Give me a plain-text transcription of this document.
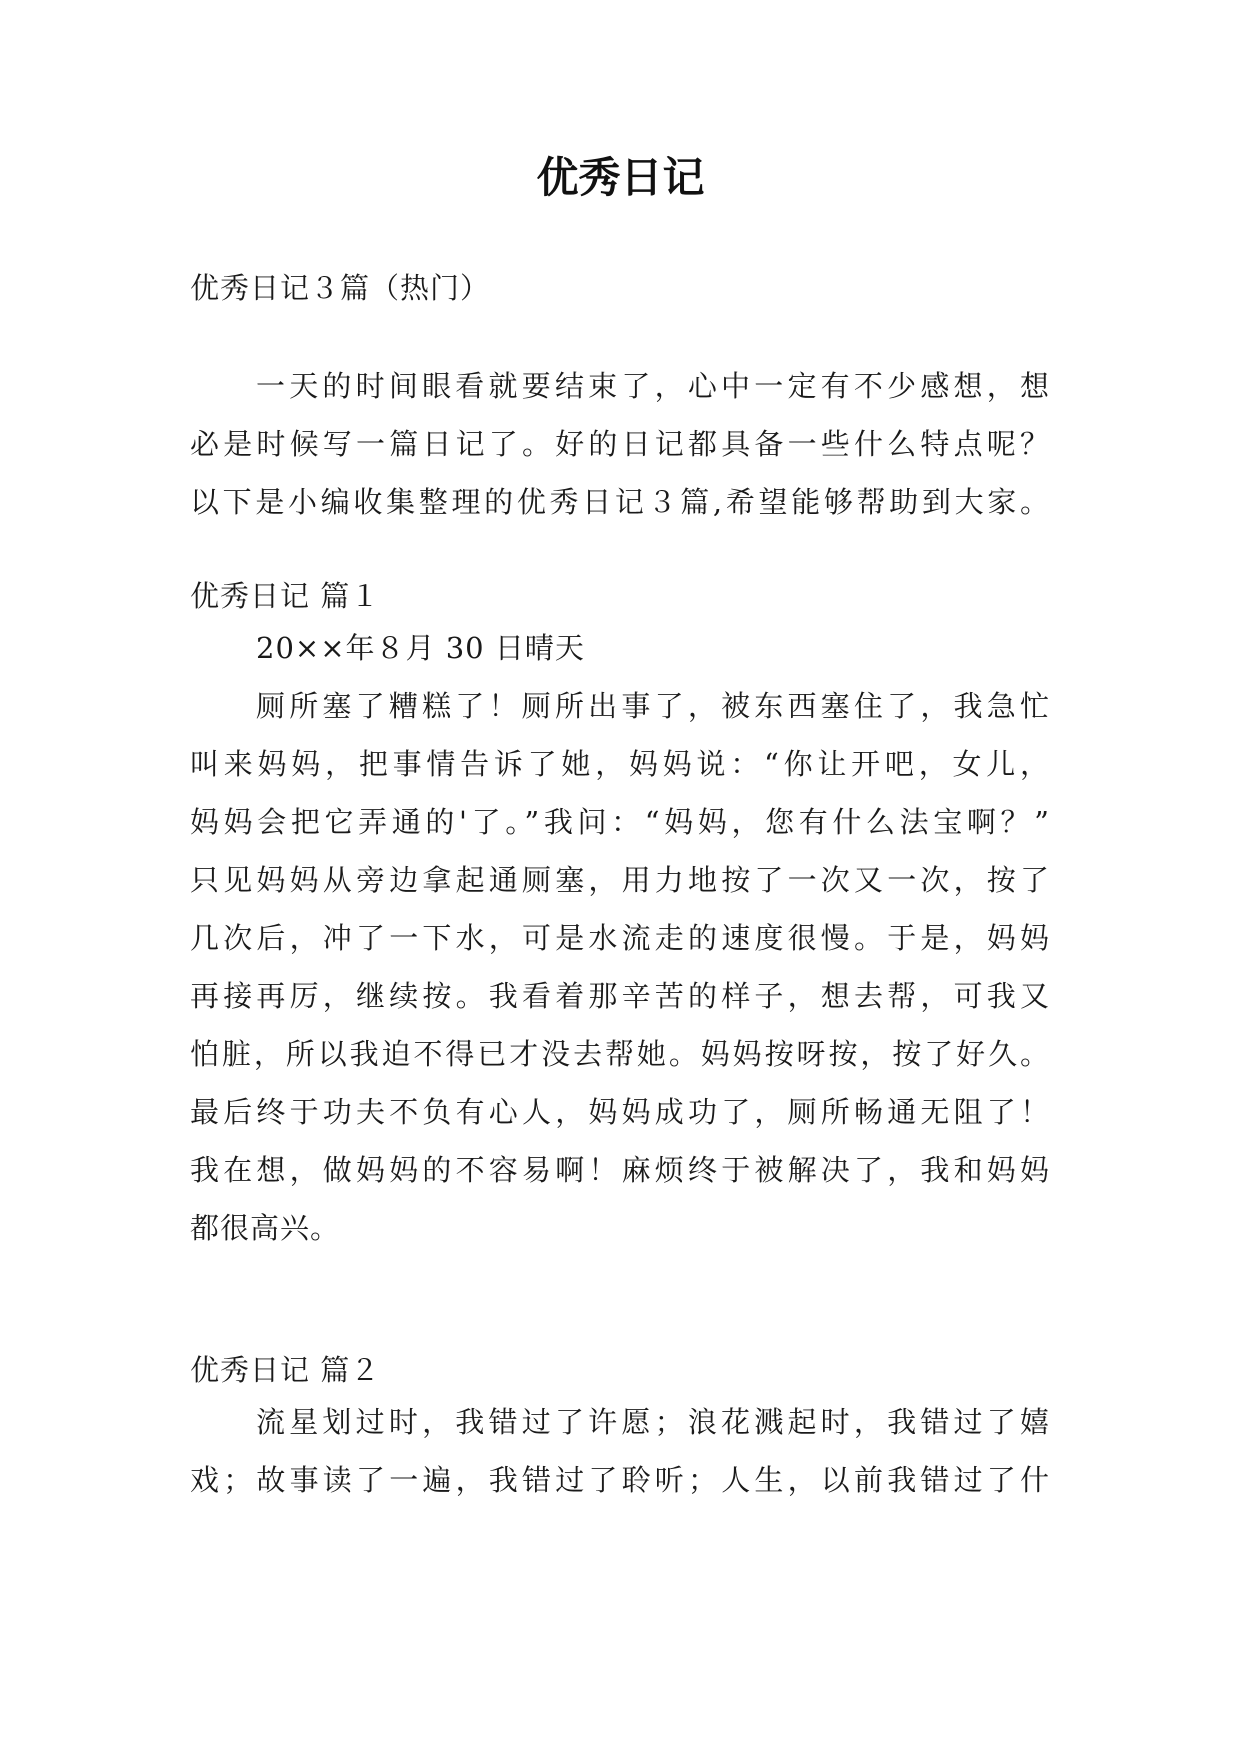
优秀日记
优秀日记３篇（热门）
一天的时间眼看就要结束了，心中一定有不少感想，想
必是时候写一篇日记了。好的日记都具备一些什么特点呢？
以下是小编收集整理的优秀日记３篇,希望能够帮助到大家。
优秀日记 篇１
20××年８月 30 日晴天
厕所塞了糟糕了！厕所出事了，被东西塞住了，我急忙
叫来妈妈，把事情告诉了她，妈妈说：“你让开吧，女儿，
妈妈会把它弄通的'了。”我问：“妈妈，您有什么法宝啊？”
只见妈妈从旁边拿起通厕塞，用力地按了一次又一次，按了
几次后，冲了一下水，可是水流走的速度很慢。于是，妈妈
再接再厉，继续按。我看着那辛苦的样子，想去帮，可我又
怕脏，所以我迫不得已才没去帮她。妈妈按呀按，按了好久。
最后终于功夫不负有心人，妈妈成功了，厕所畅通无阻了！
我在想，做妈妈的不容易啊！麻烦终于被解决了，我和妈妈
都很高兴。
优秀日记 篇２
流星划过时，我错过了许愿；浪花溅起时，我错过了嬉
戏；故事读了一遍，我错过了聆听；人生，以前我错过了什
